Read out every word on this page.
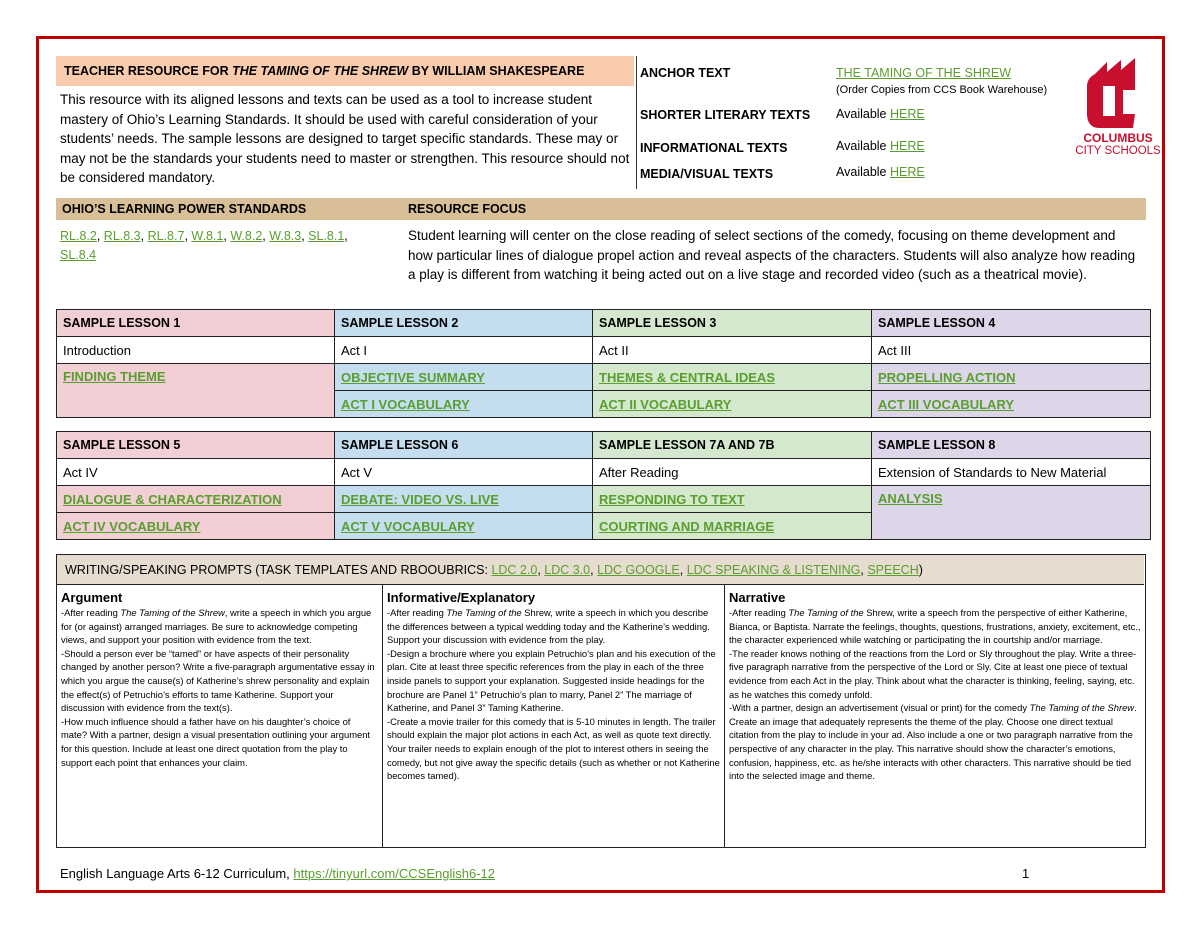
TEACHER RESOURCE FOR THE TAMING OF THE SHREW BY WILLIAM SHAKESPEARE
This resource with its aligned lessons and texts can be used as a tool to increase student mastery of Ohio’s Learning Standards. It should be used with careful consideration of your students’ needs. The sample lessons are designed to target specific standards. These may or may not be the standards your students need to master or strengthen. This resource should not be considered mandatory.
ANCHOR TEXT	THE TAMING OF THE SHREW
(Order Copies from CCS Book Warehouse)
SHORTER LITERARY TEXTS Available HERE
INFORMATIONAL TEXTS	Available HERE
MEDIA/VISUAL TEXTS	Available HERE
COLUMBUS
CITY SCHOOLS
OHIO’S LEARNING POWER STANDARDS	RESOURCE FOCUS
RL.8.2, RL.8.3, RL.8.7, W.8.1, W.8.2, W.8.3, SL.8.1,
SL.8.4
Student learning will center on the close reading of select sections of the comedy, focusing on theme development and how particular lines of dialogue propel action and reveal aspects of the characters. Students will also analyze how reading a play is different from watching it being acted out on a live stage and recorded video (such as a theatrical movie).
SAMPLE LESSON 1	SAMPLE LESSON 2	SAMPLE LESSON 3	SAMPLE LESSON 4
Introduction	Act I	Act II	Act III
FINDING THEME	OBJECTIVE SUMMARY	THEMES & CENTRAL IDEAS	PROPELLING ACTION
	ACT I VOCABULARY	ACT II VOCABULARY	ACT III VOCABULARY
SAMPLE LESSON 5	SAMPLE LESSON 6	SAMPLE LESSON 7A AND 7B	SAMPLE LESSON 8
Act IV	Act V	After Reading	Extension of Standards to New Material
DIALOGUE & CHARACTERIZATION	DEBATE: VIDEO VS. LIVE	RESPONDING TO TEXT	ANALYSIS
ACT IV VOCABULARY	ACT V VOCABULARY	COURTING AND MARRIAGE	
WRITING/SPEAKING PROMPTS (TASK TEMPLATES AND RBOOUBRICS: LDC 2.0, LDC 3.0, LDC GOOGLE, LDC SPEAKING & LISTENING, SPEECH)
Argument

-After reading The Taming of the Shrew, write a speech in which you argue for (or against) arranged marriages. Be sure to acknowledge competing views, and support your position with evidence from the text.

-Should a person ever be “tamed” or have aspects of their personality changed by another person? Write a five-paragraph argumentative essay in which you argue the cause(s) of Katherine’s shrew personality and explain the effect(s) of Petruchio’s efforts to tame Katherine. Support your discussion with evidence from the text(s).

-How much influence should a father have on his daughter’s choice of mate? With a partner, design a visual presentation outlining your argument for this question. Include at least one direct quotation from the play to support each point that enhances your claim.

Informative/Explanatory

-After reading The Taming of the Shrew, write a speech in which you describe the differences between a typical wedding today and the Katherine’s wedding. Support your discussion with evidence from the play.

-Design a brochure where you explain Petruchio’s plan and his execution of the plan. Cite at least three specific references from the play in each of the three inside panels to support your explanation. Suggested inside headings for the brochure are Panel 1” Petruchio’s plan to marry, Panel 2” The marriage of Katherine, and Panel 3” Taming Katherine.

-Create a movie trailer for this comedy that is 5-10 minutes in length. The trailer should explain the major plot actions in each Act, as well as quote text directly. Your trailer needs to explain enough of the plot to interest others in seeing the comedy, but not give away the specific details (such as whether or not Katherine becomes tamed).

Narrative

-After reading The Taming of the Shrew, write a speech from the perspective of either Katherine, Bianca, or Baptista. Narrate the feelings, thoughts, questions, frustrations, anxiety, excitement, etc., the character experienced while watching or participating the in courtship and/or marriage.

-The reader knows nothing of the reactions from the Lord or Sly throughout the play. Write a three-five paragraph narrative from the perspective of the Lord or Sly. Cite at least one piece of textual evidence from each Act in the play. Think about what the character is thinking, feeling, saying, etc. as he watches this comedy unfold.

-With a partner, design an advertisement (visual or print) for the comedy The Taming of the Shrew. Create an image that adequately represents the theme of the play. Choose one direct textual citation from the play to include in your ad. Also include a one or two paragraph narrative from the perspective of any character in the play. This narrative should show the character’s emotions, confusion, happiness, etc. as he/she interacts with other characters. This narrative should be tied into the selected image and theme.

English Language Arts 6-12 Curriculum, https://tinyurl.com/CCSEnglish6-12	1
